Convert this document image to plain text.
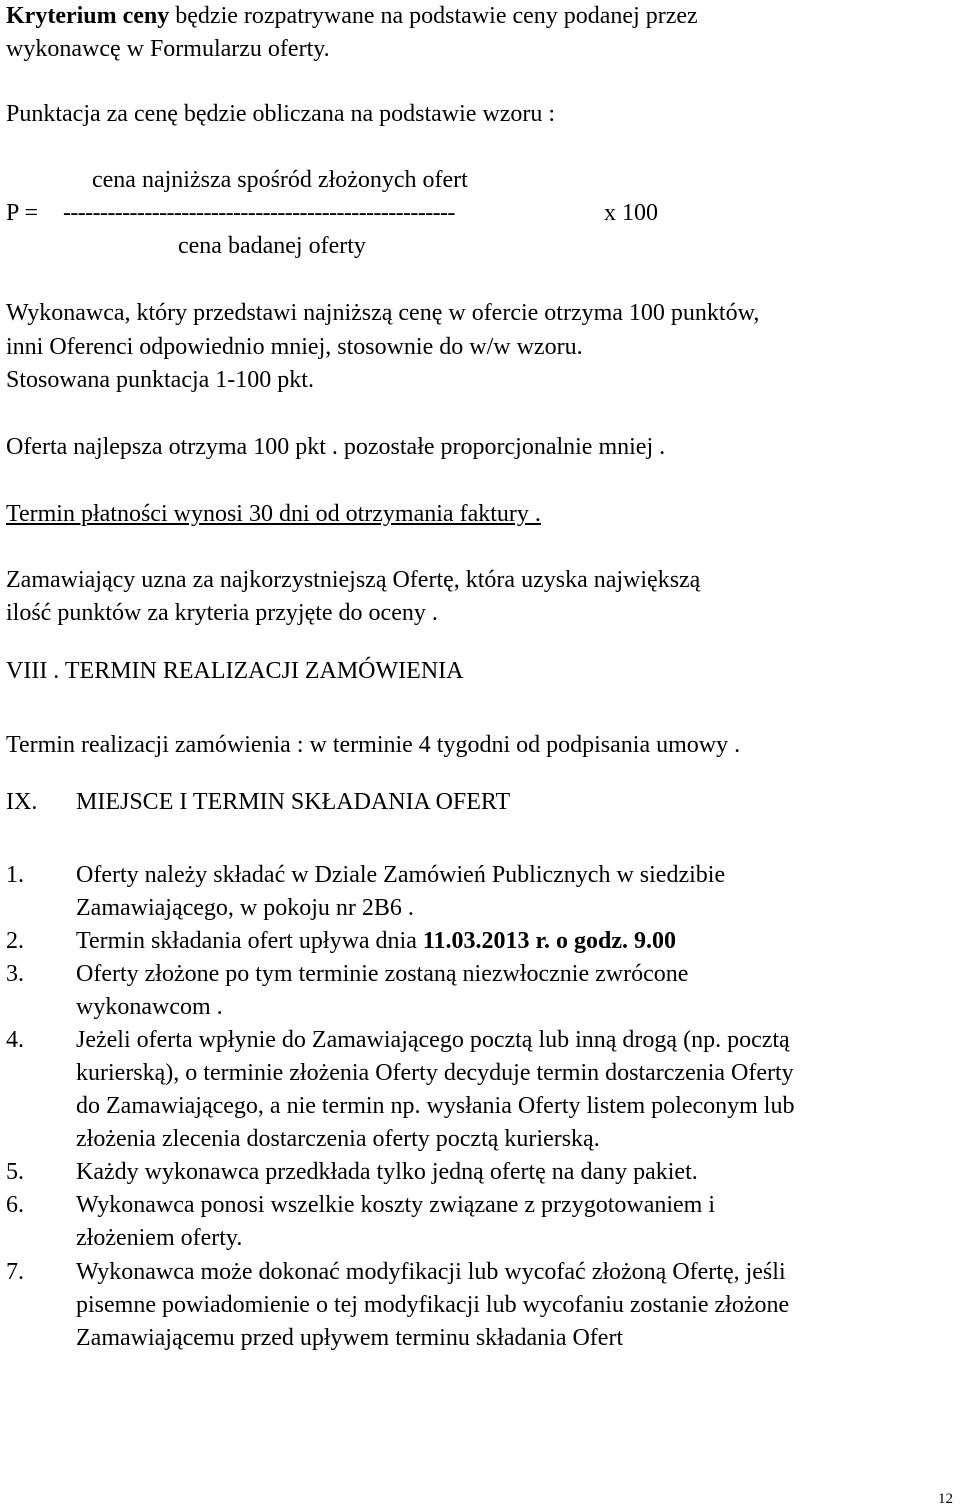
Kryterium ceny będzie rozpatrywane na podstawie ceny podanej przez
wykonawcę w Formularzu oferty.
Punktacja za cenę będzie obliczana na podstawie wzoru :
cena najniższa spośród złożonych ofert
P = -----------------------------------------------------	x 100
cena badanej oferty
Wykonawca, który przedstawi najniższą cenę w ofercie otrzyma 100 punktów,
inni Oferenci odpowiednio mniej, stosownie do w/w wzoru.
Stosowana punktacja 1-100 pkt.
Oferta najlepsza otrzyma 100 pkt . pozostałe proporcjonalnie mniej .
Termin płatności wynosi 30 dni od otrzymania faktury .
Zamawiający uzna za najkorzystniejszą Ofertę, która uzyska największą
ilość punktów za kryteria przyjęte do oceny .
VIII . TERMIN REALIZACJI ZAMÓWIENIA
Termin realizacji zamówienia : w terminie 4 tygodni od podpisania umowy .
IX. MIEJSCE I TERMIN SKŁADANIA OFERT
1. Oferty należy składać w Dziale Zamówień Publicznych w siedzibie
Zamawiającego, w pokoju nr 2B6 .
2. Termin składania ofert upływa dnia 11.03.2013 r. o godz. 9.00
3. Oferty złożone po tym terminie zostaną niezwłocznie zwrócone
wykonawcom .
4. Jeżeli oferta wpłynie do Zamawiającego pocztą lub inną drogą (np. pocztą
kurierską), o terminie złożenia Oferty decyduje termin dostarczenia Oferty
do Zamawiającego, a nie termin np. wysłania Oferty listem poleconym lub
złożenia zlecenia dostarczenia oferty pocztą kurierską.
5. Każdy wykonawca przedkłada tylko jedną ofertę na dany pakiet.
6. Wykonawca ponosi wszelkie koszty związane z przygotowaniem i
złożeniem oferty.
7. Wykonawca może dokonać modyfikacji lub wycofać złożoną Ofertę, jeśli
pisemne powiadomienie o tej modyfikacji lub wycofaniu zostanie złożone
Zamawiającemu przed upływem terminu składania Ofert
12
